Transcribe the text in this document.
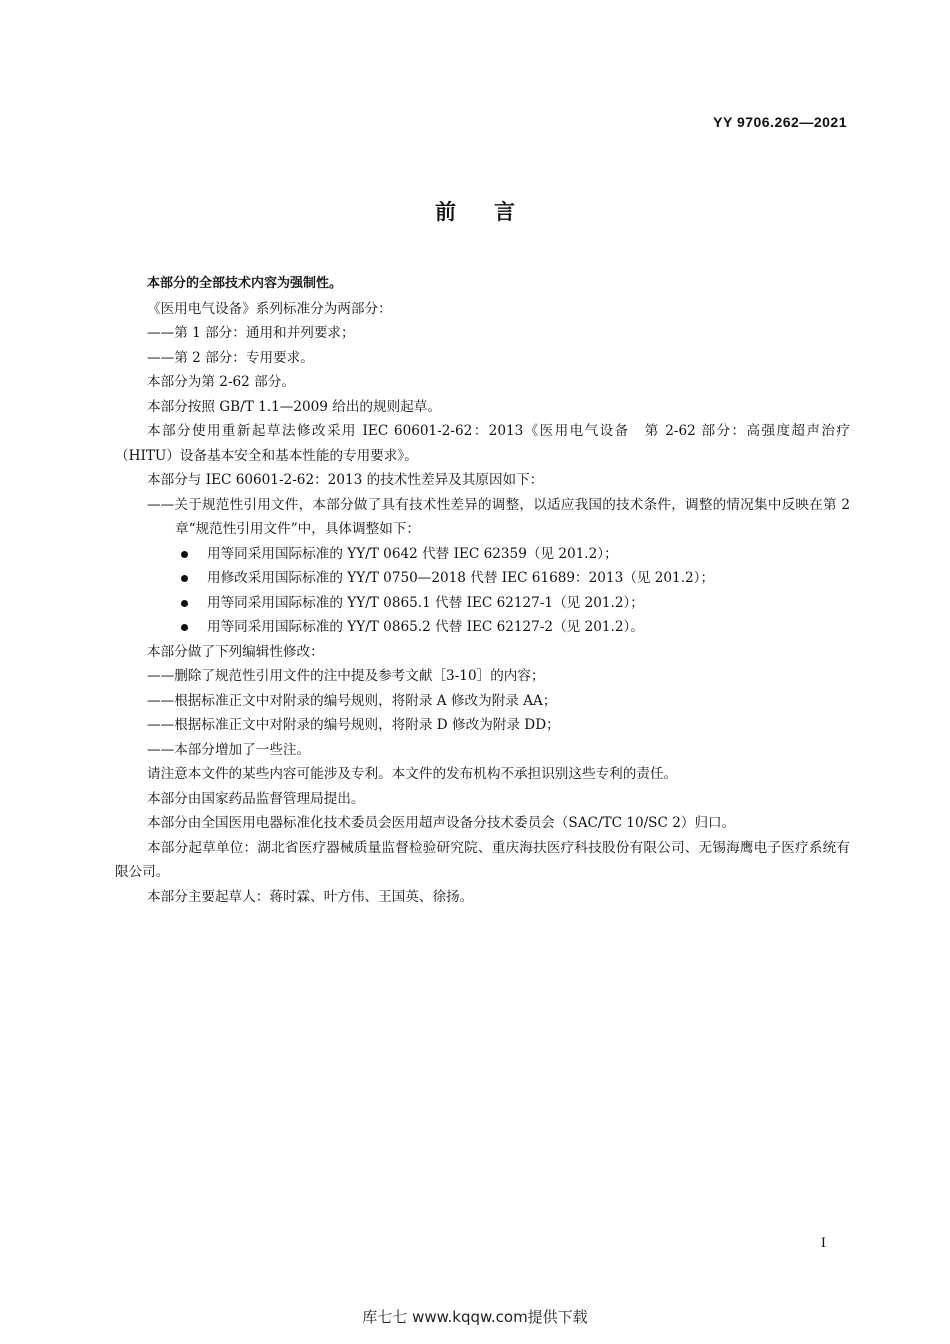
YY 9706.262—2021
前言

本部分的全部技术内容为强制性。

《医用电气设备》系列标准分为两部分：

——第 1 部分：通用和并列要求；

——第 2 部分：专用要求。

本部分为第 2-62 部分。

本部分按照 GB/T 1.1—2009 给出的规则起草。

本部分使用重新起草法修改采用 IEC 60601-2-62：2013《医用电气设备　第 2-62 部分：高强度超声治疗（HITU）设备基本安全和基本性能的专用要求》。

本部分与 IEC 60601-2-62：2013 的技术性差异及其原因如下：

——关于规范性引用文件，本部分做了具有技术性差异的调整，以适应我国的技术条件，调整的情况集中反映在第 2 章“规范性引用文件”中，具体调整如下：

用等同采用国际标准的 YY/T 0642 代替 IEC 62359（见 201.2）；
用修改采用国际标准的 YY/T 0750—2018 代替 IEC 61689：2013（见 201.2）；
用等同采用国际标准的 YY/T 0865.1 代替 IEC 62127-1（见 201.2）；
用等同采用国际标准的 YY/T 0865.2 代替 IEC 62127-2（见 201.2）。

本部分做了下列编辑性修改：

——删除了规范性引用文件的注中提及参考文献［3-10］的内容；

——根据标准正文中对附录的编号规则，将附录 A 修改为附录 AA；

——根据标准正文中对附录的编号规则，将附录 D 修改为附录 DD；

——本部分增加了一些注。

请注意本文件的某些内容可能涉及专利。本文件的发布机构不承担识别这些专利的责任。

本部分由国家药品监督管理局提出。

本部分由全国医用电器标准化技术委员会医用超声设备分技术委员会（SAC/TC 10/SC 2）归口。

本部分起草单位：湖北省医疗器械质量监督检验研究院、重庆海扶医疗科技股份有限公司、无锡海鹰电子医疗系统有限公司。

本部分主要起草人：蒋时霖、叶方伟、王国英、徐扬。

I
库七七 www.kqqw.com提供下载
